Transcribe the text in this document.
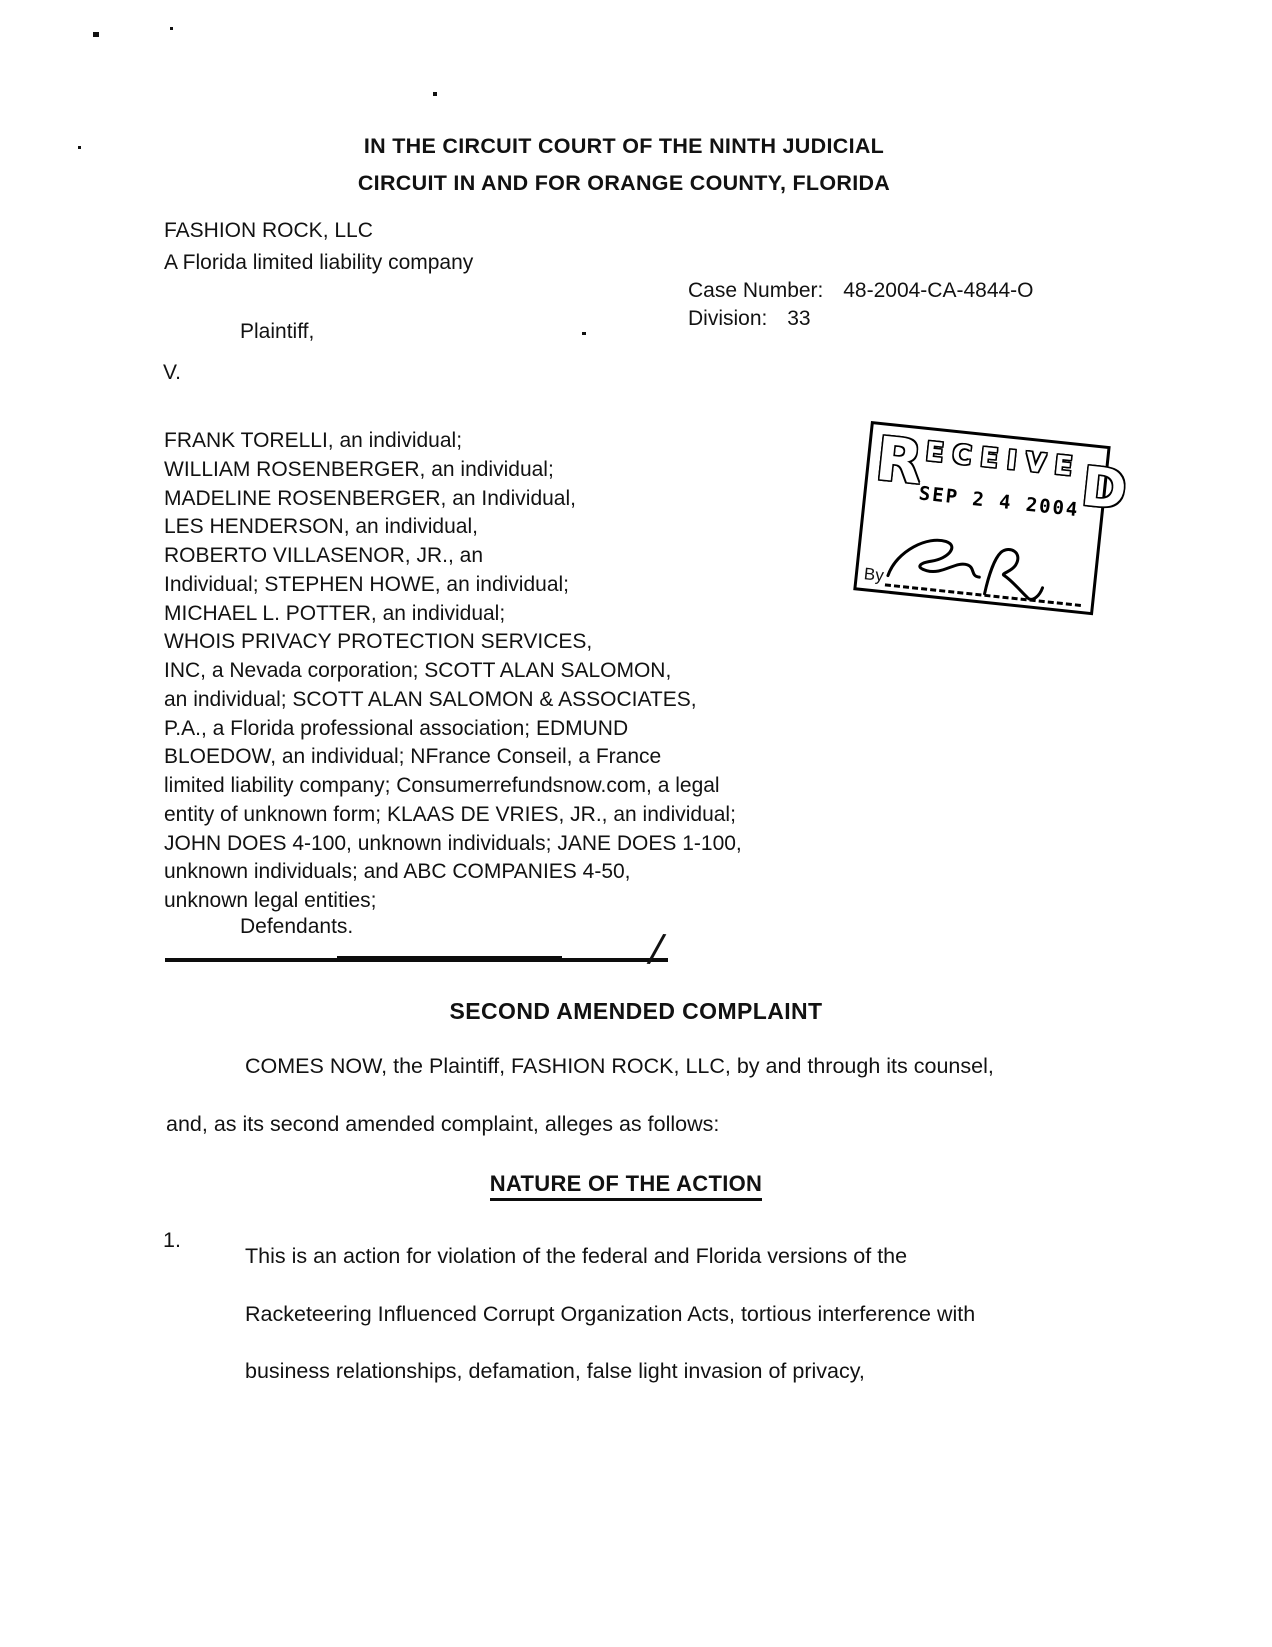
IN THE CIRCUIT COURT OF THE NINTH JUDICIAL
CIRCUIT IN AND FOR ORANGE COUNTY, FLORIDA
FASHION ROCK, LLC
A Florida limited liability company
Plaintiff,
Case Number: 48-2004-CA-4844-O
Division: 33
V.
R
ECEIVE
SEP 2 4 2004
D
By
FRANK TORELLI, an individual;
WILLIAM ROSENBERGER, an individual;
MADELINE ROSENBERGER, an Individual,
LES HENDERSON, an individual,
ROBERTO VILLASENOR, JR., an
Individual; STEPHEN HOWE, an individual;
MICHAEL L. POTTER, an individual;
WHOIS PRIVACY PROTECTION SERVICES,
INC, a Nevada corporation; SCOTT ALAN SALOMON,
an individual; SCOTT ALAN SALOMON & ASSOCIATES,
P.A., a Florida professional association; EDMUND
BLOEDOW, an individual; NFrance Conseil, a France
limited liability company; Consumerrefundsnow.com, a legal
entity of unknown form; KLAAS DE VRIES, JR., an individual;
JOHN DOES 4-100, unknown individuals; JANE DOES 1-100,
unknown individuals; and ABC COMPANIES 4-50,
unknown legal entities;
Defendants.	/
SECOND AMENDED COMPLAINT
COMES NOW, the Plaintiff, FASHION ROCK, LLC, by and through its counsel,
and, as its second amended complaint, alleges as follows:
NATURE OF THE ACTION
1.
This is an action for violation of the federal and Florida versions of the
Racketeering Influenced Corrupt Organization Acts, tortious interference with
business relationships, defamation, false light invasion of privacy,
